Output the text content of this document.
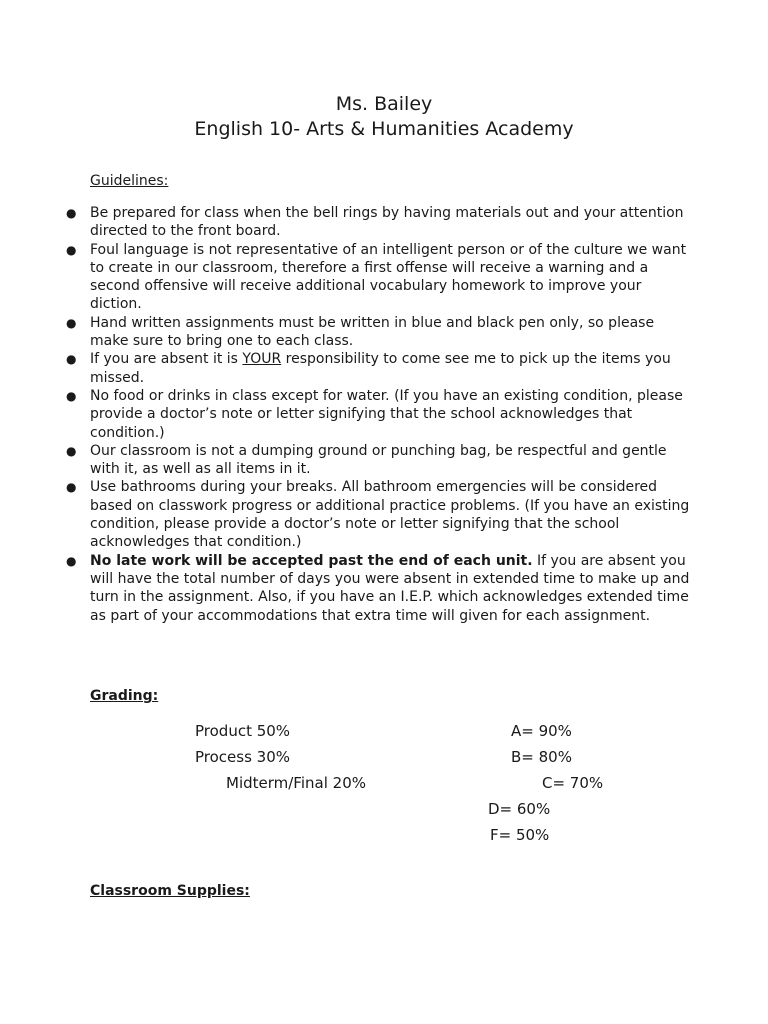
Ms. Bailey
English 10- Arts & Humanities Academy
Guidelines:
● Be prepared for class when the bell rings by having materials out and your attention directed to the front board.
● Foul language is not representative of an intelligent person or of the culture we want to create in our classroom, therefore a first offense will receive a warning and a second offensive will receive additional vocabulary homework to improve your diction.
● Hand written assignments must be written in blue and black pen only, so please make sure to bring one to each class.
● If you are absent it is YOUR responsibility to come see me to pick up the items you missed.
● No food or drinks in class except for water. (If you have an existing condition, please provide a doctor’s note or letter signifying that the school acknowledges that condition.)
● Our classroom is not a dumping ground or punching bag, be respectful and gentle with it, as well as all items in it.
● Use bathrooms during your breaks. All bathroom emergencies will be considered based on classwork progress or additional practice problems. (If you have an existing condition, please provide a doctor’s note or letter signifying that the school acknowledges that condition.)
● No late work will be accepted past the end of each unit. If you are absent you will have the total number of days you were absent in extended time to make up and turn in the assignment. Also, if you have an I.E.P. which acknowledges extended time as part of your accommodations that extra time will given for each assignment.
Grading:
Product 50%
Process 30%
Midterm/Final 20%
A= 90%
B= 80%
C= 70%
D= 60%
F= 50%
Classroom Supplies:
